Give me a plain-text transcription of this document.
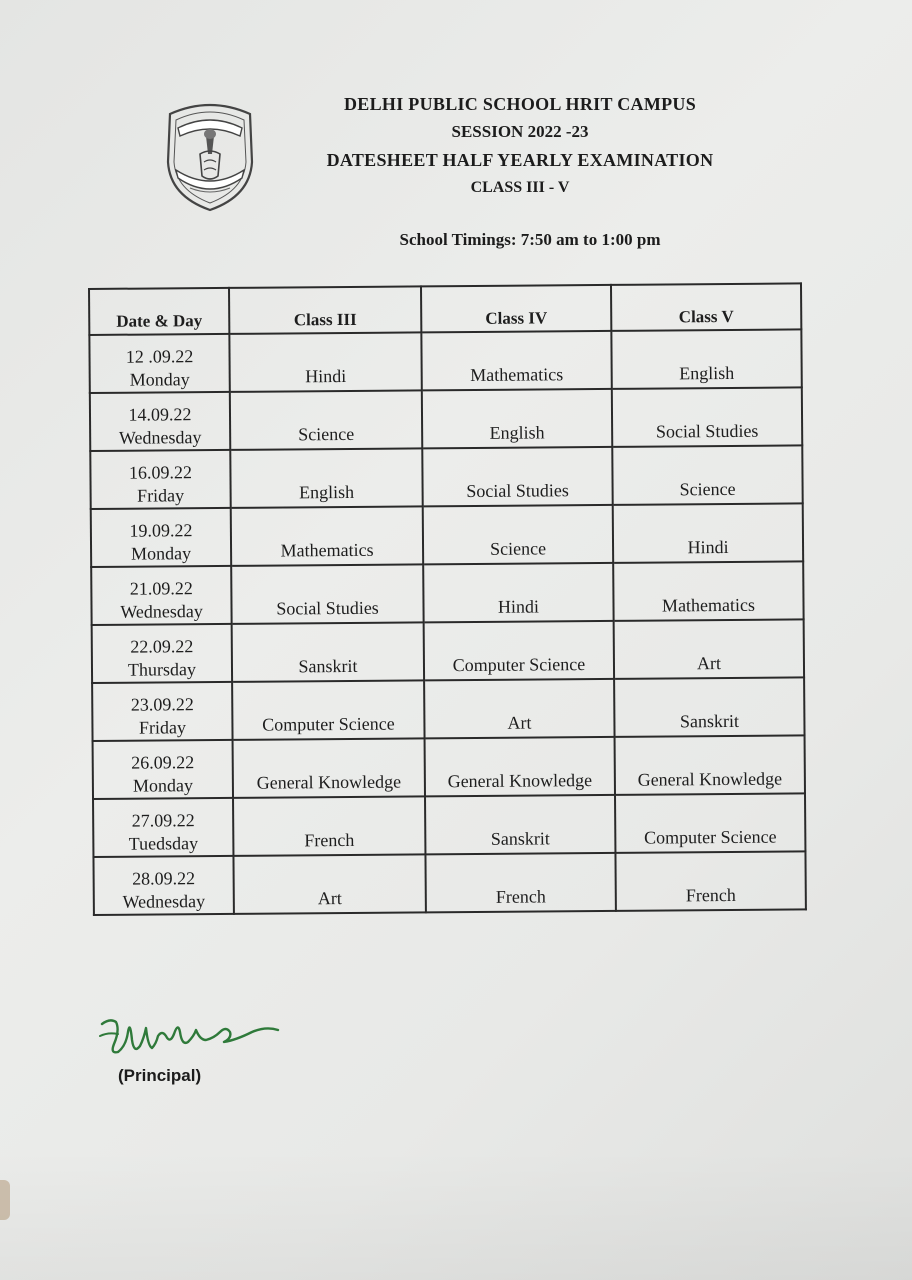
DELHI PUBLIC SCHOOL HRIT CAMPUS
SESSION 2022 -23
DATESHEET HALF YEARLY EXAMINATION
CLASS III - V
School Timings: 7:50 am to 1:00 pm
Date & Day	Class III	Class IV	Class V

12 .09.22
Monday	Hindi	Mathematics	English

14.09.22
Wednesday	Science	English	Social Studies

16.09.22
Friday	English	Social Studies	Science

19.09.22
Monday	Mathematics	Science	Hindi

21.09.22
Wednesday	Social Studies	Hindi	Mathematics

22.09.22
Thursday	Sanskrit	Computer Science	Art

23.09.22
Friday	Computer Science	Art	Sanskrit

26.09.22
Monday	General Knowledge	General Knowledge	General Knowledge

27.09.22
Tuedsday	French	Sanskrit	Computer Science

28.09.22
Wednesday	Art	French	French
(Principal)
